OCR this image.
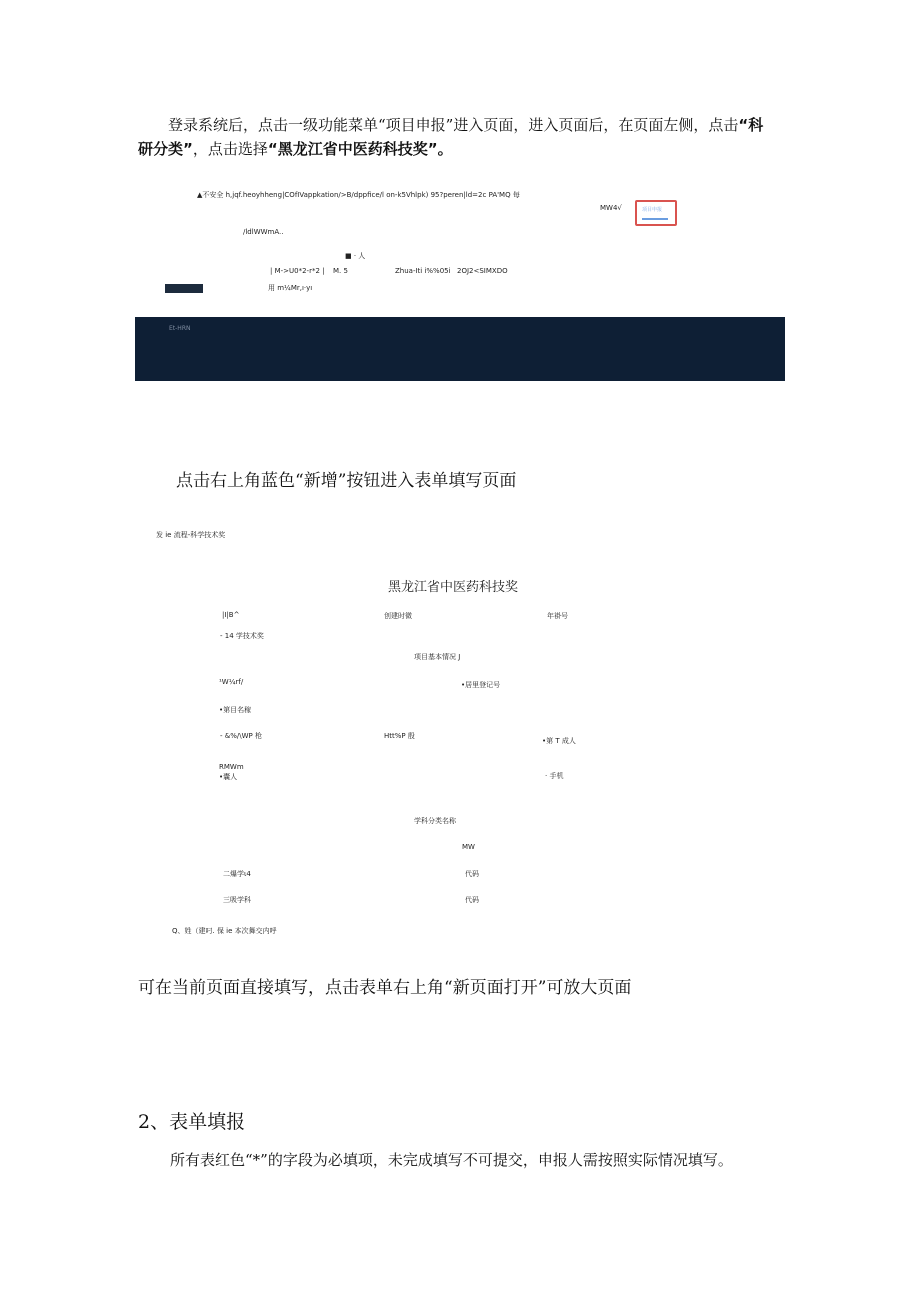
登录系统后，点击一级功能菜单“项目申报”进入页面，进入页面后，在页面左侧，点击“科
研分类”，点击选择“黑龙江省中医药科技奖”。
▲不安全 h,jqf.heoyhheng|COfIVappkation/>B/dppfice/l on-k5Vhlpk) 95?peren|ld=2c PA'MQ 每
MW4√	项目申报
/ldlWWmA..
■ · 人
| M->U0*2-r*2 | M. 5	Zhua-Iti i%%05i 2OJ2<SIMXDO
用 m¼Mr,ı·yı
Et-HRN
点击右上角蓝色“新增”按钮进入表单填写页面
发 ie 流程-科学技术奖
黑龙江省中医药科技奖
|I|B^	创建时微	年褂号
- 14 学技术奖
项目基本情况 J
¹W¼rf/	•居里登记号
•第目名稼
- &%/\WP 枪	Htt%P 殷
•第 T 成人
RMWm
•囊人	· 手机
学科分类名称
MW
二爆学ι4	代码
三吸学科	代码
Q、姓（建叼. 保 ie 本次舞交内呼
可在当前页面直接填写，点击表单右上角“新页面打开”可放大页面
2、表单填报
所有表红色“*”的字段为必填项，未完成填写不可提交，申报人需按照实际情况填写。
